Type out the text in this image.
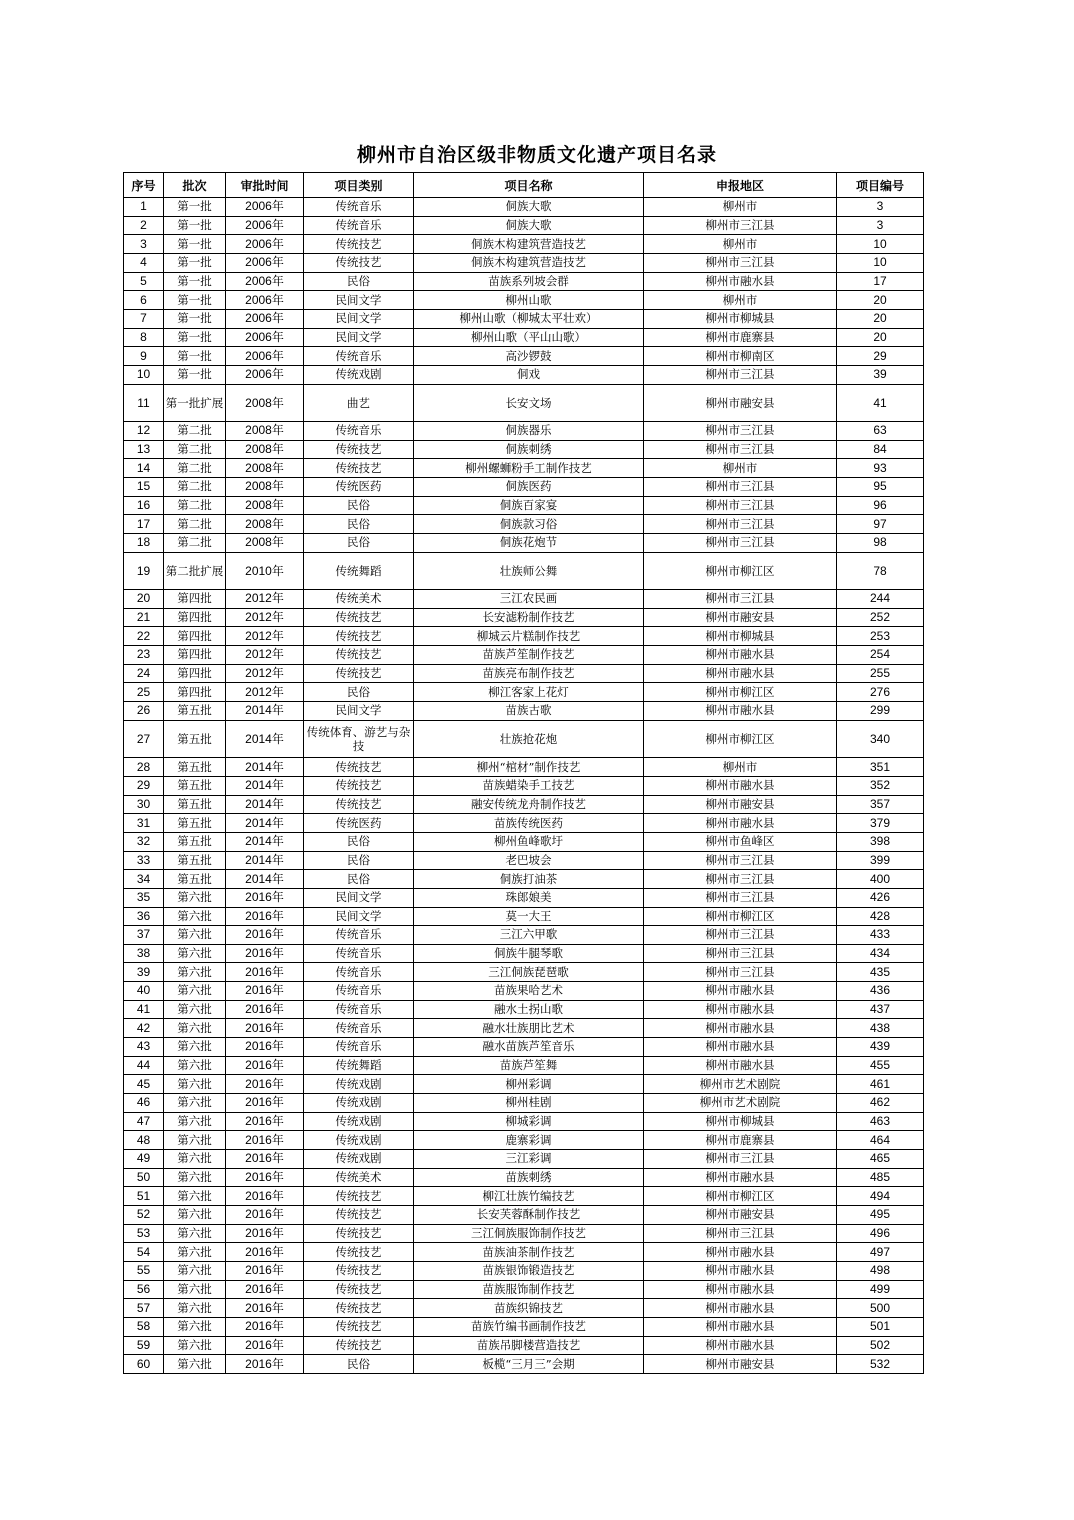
柳州市自治区级非物质文化遗产项目名录
序号	批次	审批时间	项目类别	项目名称	申报地区	项目编号
1	第一批	2006年	传统音乐	侗族大歌	柳州市	3
2	第一批	2006年	传统音乐	侗族大歌	柳州市三江县	3
3	第一批	2006年	传统技艺	侗族木构建筑营造技艺	柳州市	10
4	第一批	2006年	传统技艺	侗族木构建筑营造技艺	柳州市三江县	10
5	第一批	2006年	民俗	苗族系列坡会群	柳州市融水县	17
6	第一批	2006年	民间文学	柳州山歌	柳州市	20
7	第一批	2006年	民间文学	柳州山歌（柳城太平壮欢）	柳州市柳城县	20
8	第一批	2006年	民间文学	柳州山歌（平山山歌）	柳州市鹿寨县	20
9	第一批	2006年	传统音乐	高沙锣鼓	柳州市柳南区	29
10	第一批	2006年	传统戏剧	侗戏	柳州市三江县	39
11	第一批扩展	2008年	曲艺	长安文场	柳州市融安县	41
12	第二批	2008年	传统音乐	侗族器乐	柳州市三江县	63
13	第二批	2008年	传统技艺	侗族刺绣	柳州市三江县	84
14	第二批	2008年	传统技艺	柳州螺蛳粉手工制作技艺	柳州市	93
15	第二批	2008年	传统医药	侗族医药	柳州市三江县	95
16	第二批	2008年	民俗	侗族百家宴	柳州市三江县	96
17	第二批	2008年	民俗	侗族款习俗	柳州市三江县	97
18	第二批	2008年	民俗	侗族花炮节	柳州市三江县	98
19	第二批扩展	2010年	传统舞蹈	壮族师公舞	柳州市柳江区	78
20	第四批	2012年	传统美术	三江农民画	柳州市三江县	244
21	第四批	2012年	传统技艺	长安滤粉制作技艺	柳州市融安县	252
22	第四批	2012年	传统技艺	柳城云片糕制作技艺	柳州市柳城县	253
23	第四批	2012年	传统技艺	苗族芦笙制作技艺	柳州市融水县	254
24	第四批	2012年	传统技艺	苗族亮布制作技艺	柳州市融水县	255
25	第四批	2012年	民俗	柳江客家上花灯	柳州市柳江区	276
26	第五批	2014年	民间文学	苗族古歌	柳州市融水县	299
27	第五批	2014年	传统体育、游艺与杂技	壮族抢花炮	柳州市柳江区	340
28	第五批	2014年	传统技艺	柳州“棺材”制作技艺	柳州市	351
29	第五批	2014年	传统技艺	苗族蜡染手工技艺	柳州市融水县	352
30	第五批	2014年	传统技艺	融安传统龙舟制作技艺	柳州市融安县	357
31	第五批	2014年	传统医药	苗族传统医药	柳州市融水县	379
32	第五批	2014年	民俗	柳州鱼峰歌圩	柳州市鱼峰区	398
33	第五批	2014年	民俗	老巴坡会	柳州市三江县	399
34	第五批	2014年	民俗	侗族打油茶	柳州市三江县	400
35	第六批	2016年	民间文学	珠郎娘美	柳州市三江县	426
36	第六批	2016年	民间文学	莫一大王	柳州市柳江区	428
37	第六批	2016年	传统音乐	三江六甲歌	柳州市三江县	433
38	第六批	2016年	传统音乐	侗族牛腿琴歌	柳州市三江县	434
39	第六批	2016年	传统音乐	三江侗族琵琶歌	柳州市三江县	435
40	第六批	2016年	传统音乐	苗族果哈艺术	柳州市融水县	436
41	第六批	2016年	传统音乐	融水土拐山歌	柳州市融水县	437
42	第六批	2016年	传统音乐	融水壮族朋比艺术	柳州市融水县	438
43	第六批	2016年	传统音乐	融水苗族芦笙音乐	柳州市融水县	439
44	第六批	2016年	传统舞蹈	苗族芦笙舞	柳州市融水县	455
45	第六批	2016年	传统戏剧	柳州彩调	柳州市艺术剧院	461
46	第六批	2016年	传统戏剧	柳州桂剧	柳州市艺术剧院	462
47	第六批	2016年	传统戏剧	柳城彩调	柳州市柳城县	463
48	第六批	2016年	传统戏剧	鹿寨彩调	柳州市鹿寨县	464
49	第六批	2016年	传统戏剧	三江彩调	柳州市三江县	465
50	第六批	2016年	传统美术	苗族刺绣	柳州市融水县	485
51	第六批	2016年	传统技艺	柳江壮族竹编技艺	柳州市柳江区	494
52	第六批	2016年	传统技艺	长安芙蓉酥制作技艺	柳州市融安县	495
53	第六批	2016年	传统技艺	三江侗族服饰制作技艺	柳州市三江县	496
54	第六批	2016年	传统技艺	苗族油茶制作技艺	柳州市融水县	497
55	第六批	2016年	传统技艺	苗族银饰锻造技艺	柳州市融水县	498
56	第六批	2016年	传统技艺	苗族服饰制作技艺	柳州市融水县	499
57	第六批	2016年	传统技艺	苗族织锦技艺	柳州市融水县	500
58	第六批	2016年	传统技艺	苗族竹编书画制作技艺	柳州市融水县	501
59	第六批	2016年	传统技艺	苗族吊脚楼营造技艺	柳州市融水县	502
60	第六批	2016年	民俗	板榄“三月三”会期	柳州市融安县	532
